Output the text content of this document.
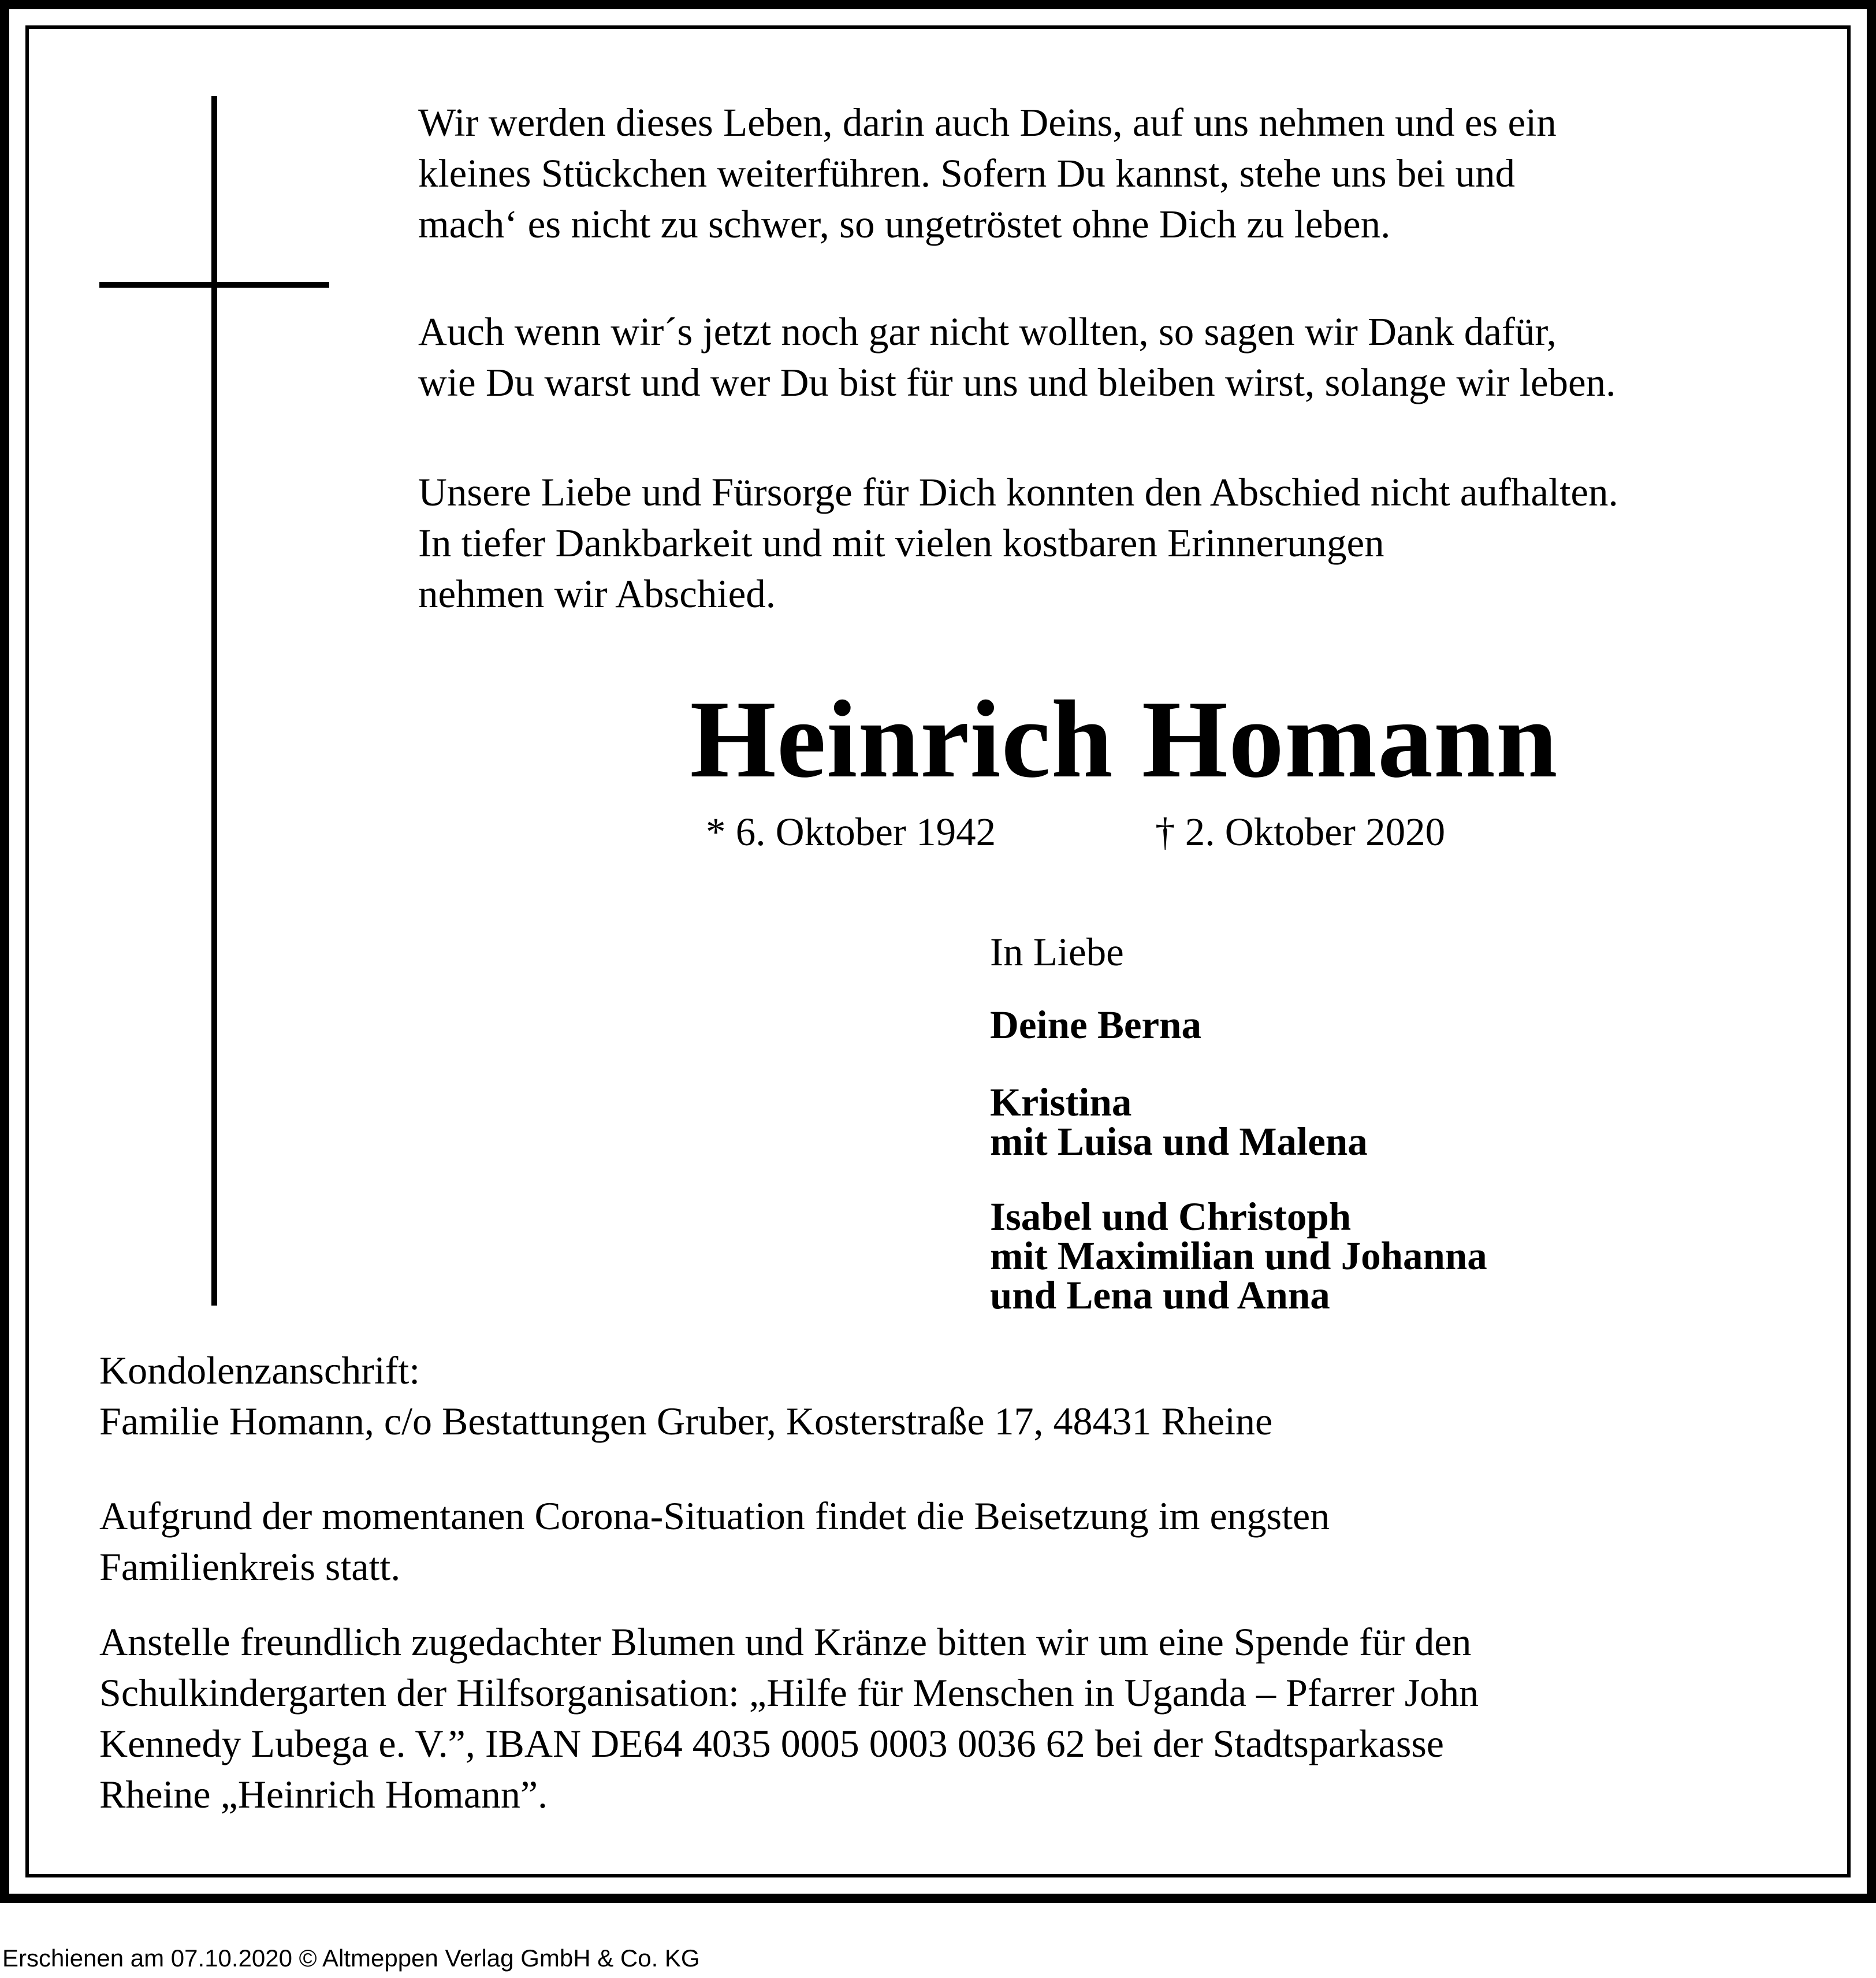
Wir werden dieses Leben, darin auch Deins, auf uns nehmen und es ein
kleines Stückchen weiterführen. Sofern Du kannst, stehe uns bei und
mach‘ es nicht zu schwer, so ungetröstet ohne Dich zu leben.

Auch wenn wir´s jetzt noch gar nicht wollten, so sagen wir Dank dafür,
wie Du warst und wer Du bist für uns und bleiben wirst, solange wir leben.

Unsere Liebe und Fürsorge für Dich konnten den Abschied nicht aufhalten.
In tiefer Dankbarkeit und mit vielen kostbaren Erinnerungen
nehmen wir Abschied.

Heinrich Homann

* 6. Oktober 1942	† 2. Oktober 2020

In Liebe

Deine Berna

Kristina
mit Luisa und Malena

Isabel und Christoph
mit Maximilian und Johanna
und Lena und Anna

Kondolenzanschrift:
Familie Homann, c/o Bestattungen Gruber, Kosterstraße 17, 48431 Rheine

Aufgrund der momentanen Corona-Situation findet die Beisetzung im engsten
Familienkreis statt.

Anstelle freundlich zugedachter Blumen und Kränze bitten wir um eine Spende für den
Schulkindergarten der Hilfsorganisation: „Hilfe für Menschen in Uganda – Pfarrer John
Kennedy Lubega e. V.”, IBAN DE64 4035 0005 0003 0036 62 bei der Stadtsparkasse
Rheine „Heinrich Homann”.

Erschienen am 07.10.2020 © Altmeppen Verlag GmbH & Co. KG
